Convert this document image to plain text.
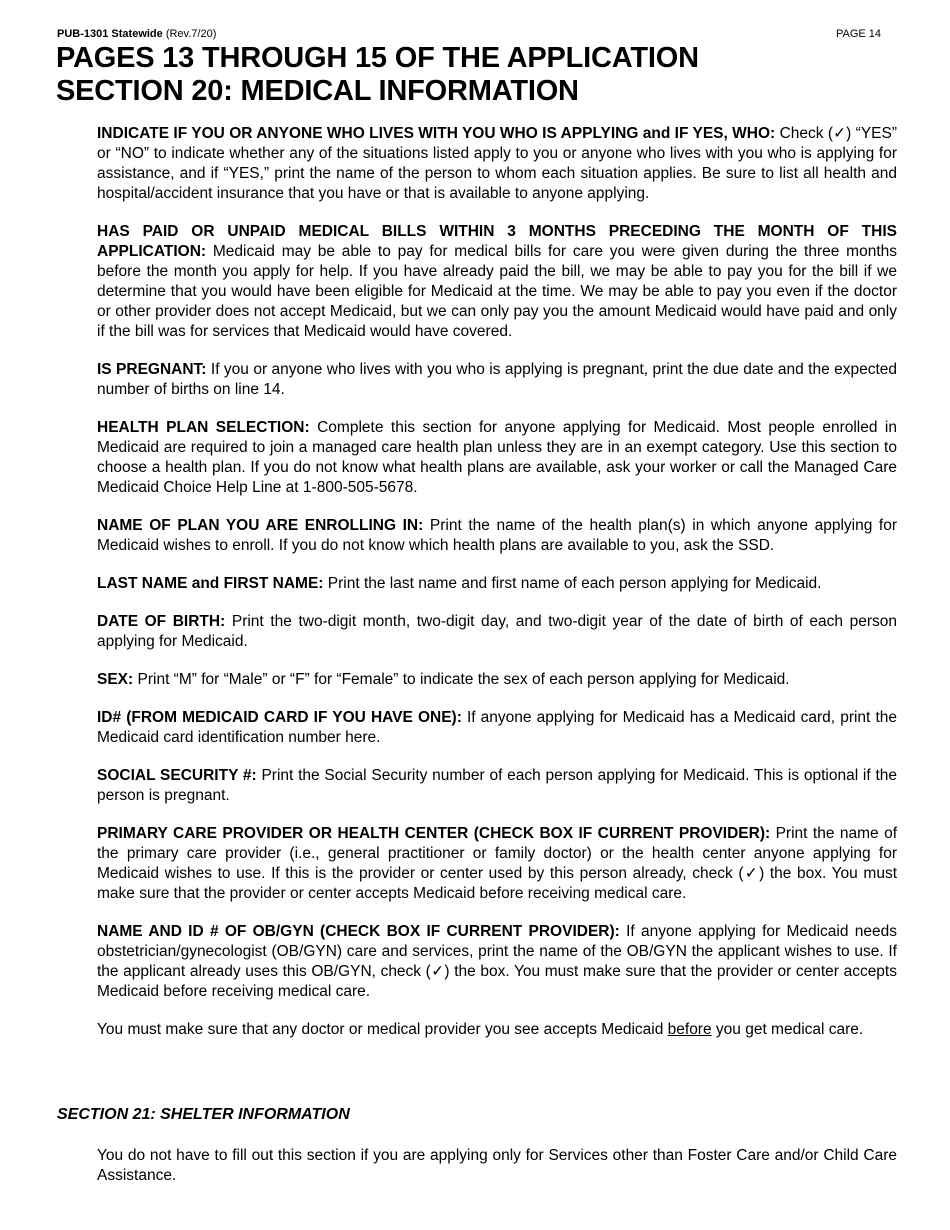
PUB-1301 Statewide (Rev.7/20)	PAGE 14
PAGES 13 THROUGH 15 OF THE APPLICATION
SECTION 20: MEDICAL INFORMATION

INDICATE IF YOU OR ANYONE WHO LIVES WITH YOU WHO IS APPLYING and IF YES, WHO: Check (✓) “YES” or “NO” to indicate whether any of the situations listed apply to you or anyone who lives with you who is applying for assistance, and if “YES,” print the name of the person to whom each situation applies. Be sure to list all health and hospital/accident insurance that you have or that is available to anyone applying.

HAS PAID OR UNPAID MEDICAL BILLS WITHIN 3 MONTHS PRECEDING THE MONTH OF THIS APPLICATION: Medicaid may be able to pay for medical bills for care you were given during the three months before the month you apply for help. If you have already paid the bill, we may be able to pay you for the bill if we determine that you would have been eligible for Medicaid at the time. We may be able to pay you even if the doctor or other provider does not accept Medicaid, but we can only pay you the amount Medicaid would have paid and only if the bill was for services that Medicaid would have covered.

IS PREGNANT: If you or anyone who lives with you who is applying is pregnant, print the due date and the expected number of births on line 14.

HEALTH PLAN SELECTION: Complete this section for anyone applying for Medicaid. Most people enrolled in Medicaid are required to join a managed care health plan unless they are in an exempt category. Use this section to choose a health plan. If you do not know what health plans are available, ask your worker or call the Managed Care Medicaid Choice Help Line at 1-800-505-5678.

NAME OF PLAN YOU ARE ENROLLING IN: Print the name of the health plan(s) in which anyone applying for Medicaid wishes to enroll. If you do not know which health plans are available to you, ask the SSD.

LAST NAME and FIRST NAME: Print the last name and first name of each person applying for Medicaid.

DATE OF BIRTH: Print the two-digit month, two-digit day, and two-digit year of the date of birth of each person applying for Medicaid.

SEX: Print “M” for “Male” or “F” for “Female” to indicate the sex of each person applying for Medicaid.

ID# (FROM MEDICAID CARD IF YOU HAVE ONE): If anyone applying for Medicaid has a Medicaid card, print the Medicaid card identification number here.

SOCIAL SECURITY #: Print the Social Security number of each person applying for Medicaid. This is optional if the person is pregnant.

PRIMARY CARE PROVIDER OR HEALTH CENTER (CHECK BOX IF CURRENT PROVIDER): Print the name of the primary care provider (i.e., general practitioner or family doctor) or the health center anyone applying for Medicaid wishes to use. If this is the provider or center used by this person already, check (✓) the box. You must make sure that the provider or center accepts Medicaid before receiving medical care.

NAME AND ID # OF OB/GYN (CHECK BOX IF CURRENT PROVIDER): If anyone applying for Medicaid needs obstetrician/gynecologist (OB/GYN) care and services, print the name of the OB/GYN the applicant wishes to use. If the applicant already uses this OB/GYN, check (✓) the box. You must make sure that the provider or center accepts Medicaid before receiving medical care.

You must make sure that any doctor or medical provider you see accepts Medicaid before you get medical care.

SECTION 21: SHELTER INFORMATION

You do not have to fill out this section if you are applying only for Services other than Foster Care and/or Child Care Assistance.
